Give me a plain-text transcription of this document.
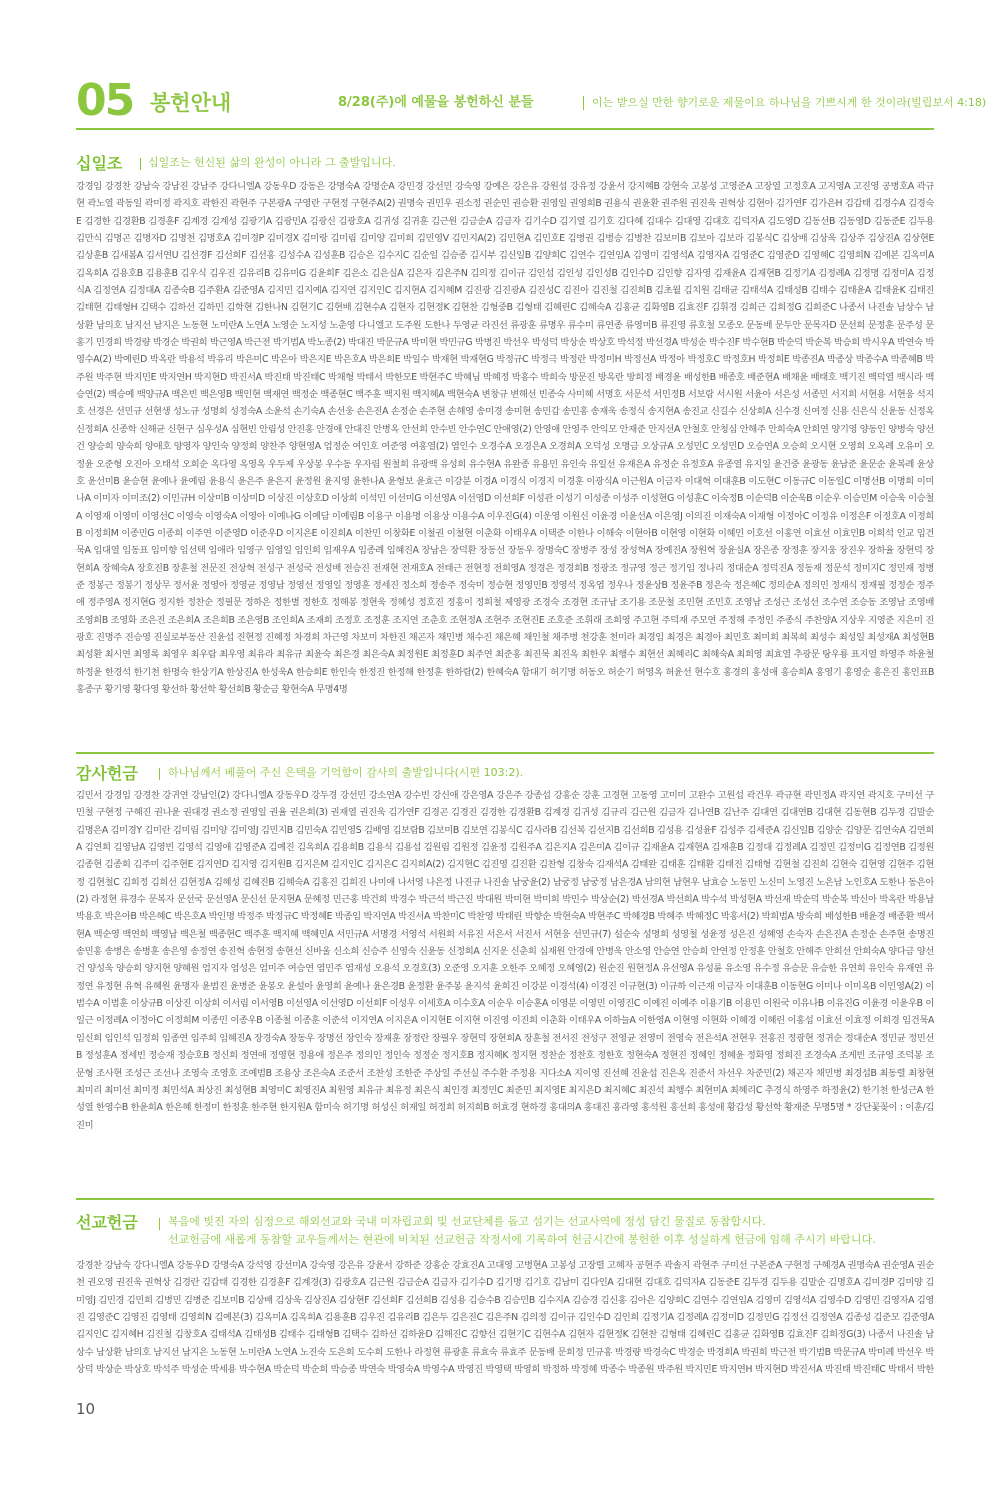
05 봉헌안내	8/28(주)에 예물을 봉헌하신 분들	이는 받으실 만한 향기로운 제물이요 하나님을 기쁘시게 한 것이라(빌립보서 4:18)
십일조 십일조는 헌신된 삶의 완성이 아니라 그 출발입니다.

강경임 강경찬 강남숙 강남진 강남주 강다니엘A 강동우D 강동은 강명숙A 강명순A 강민경 강선민 강숙영 강예은 강은유 강원섭 강유정 강윤서 강지혜B 강현숙 고봉성 고영준A 고장열 고정호A 고지영A 고진영 공병호A 곽규현 곽노열 곽동일 곽미정 곽지호 곽한진 곽현주 구본광A 구영란 구현정 구현주A(2) 권명숙 권민우 권소정 권순민 권승환 권영일 권영희B 권용식 권윤환 권주원 권진욱 권혁상 김현아 김가연F 김가은H 김갑태 김경수A 김경숙E 김경한 김경환B 김경훈F 김계경 김계성 김광기A 김광민A 김광신 김광호A 김귀성 김귀훈 김근원 김금순A 김금자 김기수D 김기열 김기호 김다혜 김대수 김대영 김대호 김덕자A 김도영D 김동선B 김동영D 김동준E 김두용 김만식 김명곤 김명자D 김명천 김명호A 김미경P 김미경X 김미랑 김미림 김미양 김미희 김민영V 김민지A(2) 김민현A 김민호E 김병권 김병승 김병찬 김보미B 김보아 김보라 김봉식C 김상배 김상욱 김상주 김상진A 김상현E 김상훈B 김새봄A 김서연U 김선경F 김선희F 김선홍 김성수A 김성훈B 김승은 김수지C 김순일 김승종 김시부 김신일B 김양희C 김연수 김연임A 김영미 김영석A 김영자A 김영준C 김영준D 김영혜C 김영희N 김예본 김옥미A 김옥희A 김용호B 김용훈B 김우식 김우진 김유리B 김유미G 김윤희F 김은소 김은실A 김은자 김은주N 김의정 김이규 김인섭 김인성 김인성B 김인수D 김인향 김자영 김재윤A 김재현B 김정기A 김정례A 김정명 김정미A 김정식A 김정연A 김정대A 김종숙B 김주환A 김준영A 김지민 김지예A 김지연 김지인C 김지현A 김지혜M 김진광 김진광A 김진성C 김진아 김진철 김진희B 김초월 김치원 김태균 김태석A 김태성B 김태수 김태윤A 김태윤K 김태진 김태현 김태형H 김택수 김하선 김하민 김학현 김한나N 김현기C 김현배 김현수A 김현자 김현정K 김현찬 김형중B 김형태 김혜린C 김혜숙A 김홍균 김화영B 김효진F 김휘경 김희근 김희정G 김희준C 나종서 나진솔 남상수 남상환 남의호 남지선 남지은 노동현 노미란A 노연A 노영순 노지성 노춘영 다니엘고 도주원 도한나 두영균 라진선 류광훈 류명우 류수미 류연종 류영미B 류진영 류호철 모종오 문동배 문두안 문목자D 문선희 문정훈 문주성 문홍기 민경희 박경량 박경순 박권희 박근영A 박근전 박기범A 박노종(2) 박대진 박문규A 박미현 박민규G 박병진 박선우 박성덕 박상순 박상호 박석정 박선경A 박성순 박수진F 박수현B 박순덕 박순복 박승희 박시우A 박연숙 박영수A(2) 박예린D 박옥란 박용석 박유리 박은미C 박은아 박은지E 박은호A 박은희E 박일수 박재현 박재현G 박정규C 박정극 박정란 박정미H 박정선A 박정아 박정호C 박정호H 박정희E 박종진A 박종상 박종수A 박종혜B 박주원 박주현 박지민E 박지연H 박지현D 박진서A 박진태 박진태C 박채형 박태서 박한모E 박현주C 박혜님 박혜정 박홍수 박희숙 방문진 방옥란 방희정 배경윤 배성한B 배종호 배준현A 배채윤 배태호 백기진 백덕열 백시라 백승연(2) 백승예 백양규A 백은빈 백은영B 백인현 백재연 백정순 백종현C 백주훈 백지원 백지혜A 백현숙A 변창규 변해선 빈종숙 사미혜 서명호 서문석 서민정B 서보람 서시원 서윤아 서은성 서종민 서지희 서현용 서현웅 석지호 선경은 선민규 선현생 성노규 성명희 성정숙A 소윤석 손기숙A 손선웅 손은진A 손정순 손주현 손해영 송미경 송미현 송민갑 송민홍 송재욱 송정식 송지현A 송진교 신길수 신상희A 신수경 신여정 신용 신은식 신윤동 신정옥 신정희A 신종학 신해균 신현구 심우성A 심현빈 안림성 안진홍 안경애 안대진 안병옥 안선희 안수빈 안수연C 안애영(2) 안영애 안영주 안익모 안재준 안지선A 안철호 안청심 안해주 안희숙A 안희연 양기영 양동인 양병숙 양선건 양승희 양숙희 양애호 양영자 양인숙 양정희 양찬주 양현영A 엄정순 여인호 여준영 여홍열(2) 염인수 오경수A 오경은A 오경희A 오덕성 오명금 오상규A 오성민C 오성민D 오승연A 오승희 오시현 오영희 오옥례 오유미 오정윤 오준형 오진아 오태석 오희순 옥다영 옥영옥 우두제 우상봉 우수동 우자림 원철희 유광백 유성희 유수현A 유완종 유용민 유인숙 유일선 유재은A 유정순 유정호A 유종열 유지일 윤건중 윤광동 윤남준 윤문순 윤복례 윤상호 윤선미B 윤승현 윤예나 윤예림 윤용식 윤은주 윤은지 윤정원 윤지영 윤한나A 윤형보 윤효근 이강분 이경A 이경식 이경지 이경훈 이광식A 이근원A 이금자 이대혁 이대훈B 이도현C 이동규C 이동일C 이명선B 이명희 이미나A 이미자 이미조(2) 이민규H 이상미B 이상미D 이상진 이상호D 이상희 이석민 이선미G 이선영A 이선영D 이선희F 이성관 이성기 이성종 이성주 이성현G 이성훈C 이숙정B 이순덕B 이순욱B 이순우 이승민M 이승욱 이승철A 이영재 이영미 이영선C 이영숙 이영숙A 이영아 이예나G 이예담 이예림B 이용구 이용명 이용상 이용수A 이우진G(4) 이운영 이원신 이윤경 이윤선A 이은영J 이의진 이재숙A 이재형 이정아C 이정유 이정은F 이정호A 이정희B 이정희M 이종민G 이종희 이주연 이준영D 이준우D 이지은E 이진희A 이찬민 이창화E 이철권 이철현 이춘화 이태우A 이택준 이한나 이해숙 이현아B 이현영 이현화 이혜민 이호선 이홍연 이효선 이효민B 이희석 인교 임건묵A 임대열 임동표 임미향 임선택 임애라 임영구 임영일 임인희 임재우A 임종례 임혜진A 장남은 장덕환 장동선 장동우 장명숙C 장병주 장성 장성혁A 장예진A 장원혁 장윤실A 장은종 장정훈 장지웅 장진우 장하율 장현덕 장현희A 장혜숙A 장호진B 장훈철 전문진 전상혁 전성구 전성국 전성배 전승진 전재현 전재호A 전태근 전현정 전희영A 정경은 정경희B 정광조 정규영 정근 정기임 정나리 정대순A 정덕진A 정동재 정문석 정미지C 정민재 정병준 정봉근 정봉기 정상무 정서윤 정영아 정영균 정영남 정영선 정영일 정영훈 정세진 정소희 정송주 정숙미 정승현 정영민B 정영석 정옥엽 정우나 정윤상B 정윤주B 정은숙 정은혜C 정의순A 정의민 정재식 정재필 정정순 정주애 정주영A 정지현G 정지한 정찬순 정필문 정하은 정한별 정한호 정해봉 정현욱 정혜성 정호진 정홍이 정희철 제영광 조경숙 조경현 조규남 조기용 조문철 조민현 조민호 조영남 조성근 조성선 조수연 조승동 조영남 조영배 조영희B 조영화 조은진 조은희A 조은희B 조은영B 조인희A 조재희 조정호 조정훈 조지연 조춘호 조현정A 조현주 조현진E 조호준 조휘래 조희영 주고현 주덕재 주모연 주정해 주정인 주종식 주찬양A 지상우 지영준 지은미 진광호 진명주 진승영 진실로부동산 진윤섭 진현정 진혜정 차경희 차근영 차보미 차한진 채곤자 채민병 채수진 채은혜 채인철 채주병 천강훈 천미라 최경임 최경은 최경아 최민호 최미희 최복희 최성수 최성일 최성재A 최성현B 최성환 최시연 최영록 최영우 최우람 최우영 최유라 최유규 최윤숙 최은경 최은숙A 최정원E 최정훈D 최주연 최준홍 최진묵 최진옥 최한우 최행수 최현선 최혜리C 최혜숙A 최희영 최효열 추광문 탕우룡 표지열 하영주 하윤철 하정윤 한경석 한기천 한명숙 한상기A 한상진A 한성욱A 한승희E 한인숙 한정진 한정해 한정훈 한하람(2) 한혜숙A 함대기 허기명 허동오 허순기 허영옥 허윤선 현수호 홍경의 홍성애 홍승희A 홍영기 홍영순 홍은진 홍인표B 홍종구 황기영 황다영 황선하 황선학 황선희B 황순금 황현숙A 무명4명

감사헌금	하나님께서 베풀어 주신 은택을 기억함이 감사의 출발입니다(시편 103:2).

김민서 강경임 강경찬 강귀연 강남인(2) 강다니엘A 강동우D 강두경 강선민 강소연A 강수빈 강신애 강은영A 강은주 강종섭 강홍순 강훈 고경현 고동영 고미미 고완수 고원섭 곽건우 곽규현 곽민정A 곽지연 곽지호 구미선 구민철 구현정 구혜진 권나윤 권대경 권소정 권영일 권율 권은희(3) 권재열 권진욱 김가연F 김경곤 김경진 김경한 김경환B 김계경 김귀성 김규리 김근원 김금자 김나연B 김난주 김대연 김대연B 김대현 김동현B 김두경 김말순 김명은A 김미경Y 김미란 김미림 김미양 김미영J 김민지B 김민숙A 김민영S 김배영 김보람B 김보미B 김보연 김봉식C 김사라B 김선복 김선지B 김선희B 김성용 김성윤F 김성주 김세준A 김신일B 김양순 김양문 김연숙A 김연희A 김연희 김영남A 김영빈 김영석 김영애 김영준A 김예진 김옥희A 김용희B 김용식 김용섭 김원림 김원정 김윤정 김원주A 김은지A 김은미A 김이규 김재윤A 김재현A 김재훈B 김정대 김정례A 김정민 김정미G 김정연B 김정원 김종현 김종희 김주미 김주현E 김지연D 김지영 김지원B 김지은M 김지인C 김지은C 김지희A(2) 김지현C 김진영 김진환 김찬형 김창숙 김재석A 김태완 김태훈 김태환 김태진 김태형 김현철 김진희 김현숙 김현영 김현주 김현정 김현철C 김희정 김희선 김현정A 김혜성 김혜진B 김혜숙A 김홍진 김희진 나미애 나서영 나은정 나진규 나진솔 남궁윤(2) 남궁정 남궁정 남은경A 남의현 남현우 남효승 노동민 노신미 노영진 노은남 노인호A 도한나 동은아(2) 라정현 류경수 문복자 문선국 문선영A 문신선 문지현A 문혜정 민근홍 박건희 박경수 박근석 박근진 박대원 박미현 박미희 박민수 박상순(2) 박선경A 박선희A 박수석 박성현A 박선재 박순덕 박순복 박신아 박옥란 박용남 박용호 박은아B 박은혜C 박은호A 박인명 박정주 박정규C 박정혜E 박종임 박지연A 박진서A 박찬미C 박찬영 박태린 박향순 박현숙A 박현주C 박혜경B 박혜주 박혜정C 박홍서(2) 박희범A 방숙희 배성한B 배윤경 배종환 백서현A 백순영 백연희 백영남 백은철 백종현C 백주훈 백지혜 백혜민A 서민규A 서명경 서영석 서원희 서유진 서은서 서진서 서현웅 선민규(7) 설순숙 성명희 성영철 성윤정 성은진 성혜영 손숙자 손은진A 손정순 손주현 송명진 송민홍 송병은 송병훈 송은영 송정연 송진혁 송현정 송현선 신바울 신소희 신승주 신영숙 신윤동 신정희A 신지운 신춘희 심재원 안경애 안병욱 안소영 안승연 안승희 안연정 안정훈 안철호 안해주 안희선 안희숙A 양다금 양선건 양성욱 양승희 양지현 양혜원 엄지자 엄성은 엄미주 여승연 염민주 염재성 오용석 오경호(3) 오준영 오지훈 오한주 오혜정 오혜영(2) 원순진 원현정A 유선영A 유성륜 유소영 유수정 유승문 유승한 유연희 유인숙 유재연 유정연 유정현 유혁 유혜원 윤명자 윤범진 윤병준 윤봉오 윤설아 윤영희 윤예나 윤은경B 윤정환 윤주봉 윤지석 윤희진 이강분 이경석(4) 이경진 이규현(3) 이규하 이근재 이금자 이대훈B 이동현G 이미나 이미옥B 이민영A(2) 이범수A 이범훈 이상규B 이상진 이상희 이서림 이서영B 이선영A 이선영D 이선희F 이성우 이세호A 이수호A 이순우 이승훈A 이영분 이영민 이영진C 이예진 이예주 이용기B 이용민 이원국 이유나B 이유진G 이윤경 이윤우B 이일근 이정례A 이정아C 이정희M 이종민 이종우B 이종철 이종훈 이준석 이지연A 이지은A 이지현E 이지현 이진영 이진희 이춘화 이태우A 이하늘A 이한영A 이현영 이현화 이혜경 이혜린 이홍섭 이효선 이효정 이희경 임건묵A 임신희 임인석 임정희 임종연 임주희 임혜진A 장경숙A 장동우 장명선 장인숙 장재훈 장정란 장필우 장현덕 장현희A 장훈철 전서진 전성구 전영균 전영미 전영숙 전은석A 전현우 전홍진 정광현 정귀순 정대순A 정민균 정민선B 정성훈A 정세빈 정승재 정승호B 정신희 정연애 정영현 정용애 정은주 정의인 정인숙 정정순 정지호B 정지혜K 정지현 정찬순 정찬호 정한호 정현숙A 정현진 정혜인 정혜윤 정화영 정희진 조경숙A 조게빈 조규영 조덕봉 조문형 조사현 조성근 조선나 조영숙 조영호 조예범B 조용상 조은숙A 조준서 조찬성 조한준 주상일 주선실 주수환 주정용 지다소A 지이영 진선혜 진윤섭 진은옥 진준서 차선우 차준민(2) 채곤자 채민병 최경섭B 최동렬 최창현 최미리 최미선 최미정 최민석A 최상진 최성현B 최영미C 최영진A 최원영 최유규 최유정 최은식 최인경 최정민C 최준민 최지영E 최지은D 최지혜C 최진석 최행수 최현미A 최혜리C 추경식 하영주 하정윤(2) 한기천 한성근A 한성열 한영수B 한윤희A 한은혜 한정미 한정훈 한주현 한지원A 함미숙 허기명 허성신 허재일 허정희 허지희B 허효경 현하경 홍대의A 홍대진 홍라영 홍석원 홍선희 홍성애 황갑성 황선학 황재준 무명5명 * 강단꽃꽂이 : 이훈/김진미

선교헌금	복음에 빚진 자의 심정으로 해외선교와 국내 미자립교회 및 선교단체를 돕고 섬기는 선교사역에 정성 담긴 물질로 동참합시다.
선교헌금에 새롭게 동참할 교우들께서는 현관에 비치된 선교헌금 작정서에 기록하여 헌금시간에 봉헌한 이후 성실하게 헌금에 임해 주시기 바랍니다.

강경찬 강남숙 강다니엘A 강동우D 강명숙A 강석영 강선미A 강숙영 강은유 강윤서 강하준 강홍순 강효진A 고대영 고병현A 고봉성 고장렬 고혜자 공현주 곽솔지 곽현주 구미선 구본준A 구현정 구혜경A 권명숙A 권순영A 권순천 권오영 권진욱 권혁상 김경란 김갑태 김경한 김경훈F 김계경(3) 김광호A 김근원 김금순A 김금자 김기수D 김기명 김기호 김남미 김다인A 김대현 김대호 김덕자A 김동준E 김두경 김두용 김말순 김명호A 김미경P 김미양 김미영J 김민경 김민희 김병민 김병준 김보미B 김상배 김상욱 김상진A 김상현F 김선희F 김선희B 김성용 김승수B 김승민B 김수지A 김승경 김신홍 김아은 김양희C 김연수 김연임A 김영미 김영석A 김영수D 김영민 김영자A 김영진 김영준C 김영진 김영태 김영희N 김예본(3) 김옥미A 김옥희A 김용훈B 김우진 김유리B 김은두 김은진C 김은주N 김의정 김이규 김인수D 김인희 김정기A 김정례A 김정미D 김정민G 김정선 김정연A 김종성 김준모 김준영A 김지인C 김지혜H 김진철 김창호A 김태석A 김태성B 김태수 김태형B 김택수 김하선 김하윤D 김해진C 김향선 김현기C 김현수A 김현자 김현정K 김현찬 김형태 김혜린C 김홍균 김화영B 김효진F 김희정G(3) 나종서 나진솔 남상수 남상환 남의호 남지선 남지은 노동현 노미란A 노연A 노진숙 도은희 도수희 도한나 라정현 류광훈 류효숙 류효주 문동배 문희정 민규홍 박경량 박경숙C 박경순 박경희A 박권희 박근전 박기범B 박문규A 박미례 박선우 박상덕 박상순 박상호 박석주 박성순 박세용 박수현A 박순덕 박순희 박승종 박연숙 박영숙A 박영수A 박영진 박영택 박영희 박정하 박정혜 박종수 박종원 박주원 박지민E 박지연H 박지현D 박진서A 박진태 박진태C 박태서 박한

10
